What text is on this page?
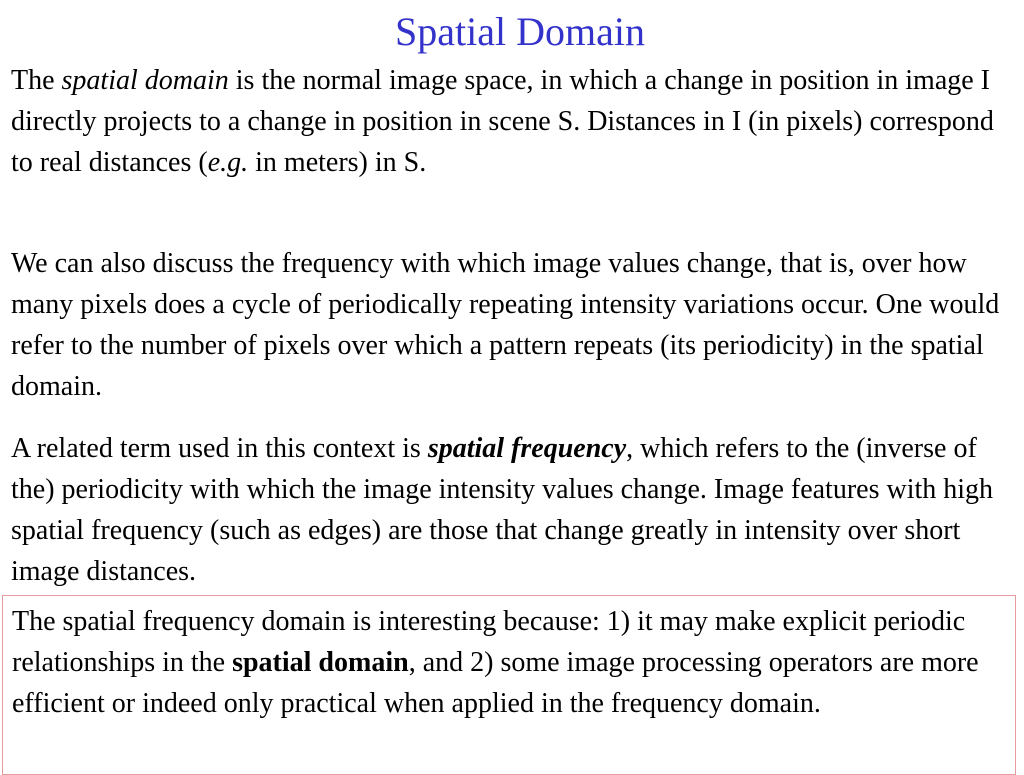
Spatial Domain

The spatial domain is the normal image space, in which a change in position in image I directly projects to a change in position in scene S. Distances in I (in pixels) correspond to real distances (e.g. in meters) in S.

We can also discuss the frequency with which image values change, that is, over how many pixels does a cycle of periodically repeating intensity variations occur. One would refer to the number of pixels over which a pattern repeats (its periodicity) in the spatial domain.

A related term used in this context is spatial frequency, which refers to the (inverse of the) periodicity with which the image intensity values change. Image features with high spatial frequency (such as edges) are those that change greatly in intensity over short image distances.

The spatial frequency domain is interesting because: 1) it may make explicit periodic relationships in the spatial domain, and 2) some image processing operators are more efficient or indeed only practical when applied in the frequency domain.
